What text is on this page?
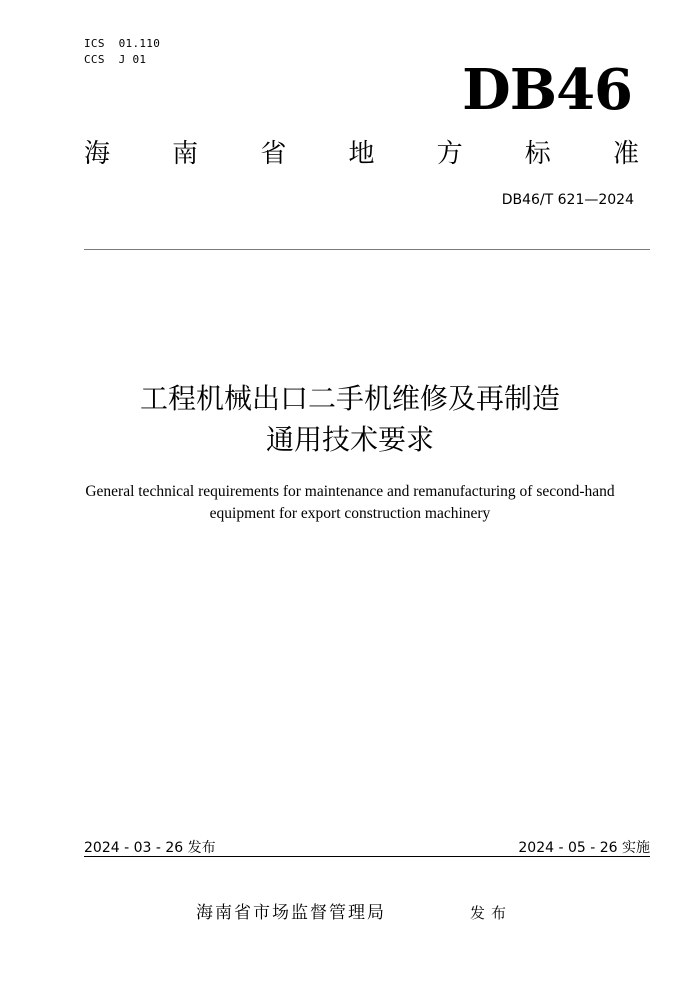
ICS  01.110
CCS  J 01	DB46
海 南 省 地 方 标 准
DB46/T 621—2024
工程机械出口二手机维修及再制造
通用技术要求
General technical requirements for maintenance and remanufacturing of second-hand
equipment for export construction machinery
2024 - 03 - 26 发布	2024 - 05 - 26 实施
海南省市场监督管理局	发布
